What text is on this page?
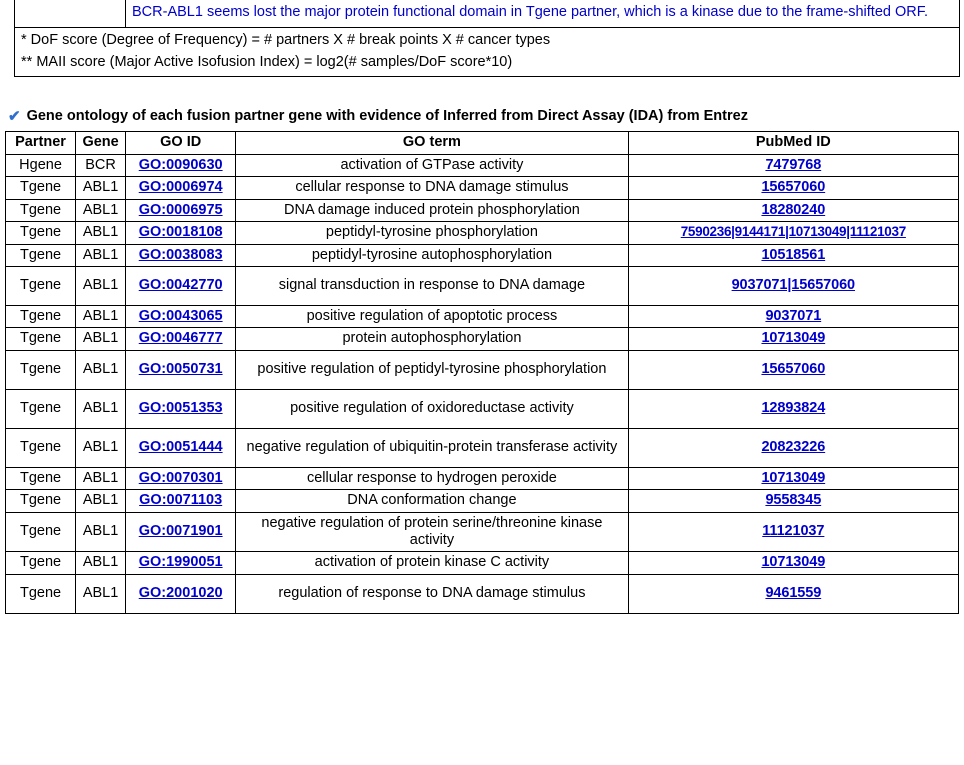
BCR-ABL1 seems lost the major protein functional domain in Tgene partner, which is a kinase due to the frame-shifted ORF.
* DoF score (Degree of Frequency) = # partners X # break points X # cancer types
** MAII score (Major Active Isofusion Index) = log2(# samples/DoF score*10)
✔ Gene ontology of each fusion partner gene with evidence of Inferred from Direct Assay (IDA) from Entrez
Partner	Gene	GO ID	GO term	PubMed ID
Hgene	BCR	GO:0090630	activation of GTPase activity	7479768
Tgene	ABL1	GO:0006974	cellular response to DNA damage stimulus	15657060
Tgene	ABL1	GO:0006975	DNA damage induced protein phosphorylation	18280240
Tgene	ABL1	GO:0018108	peptidyl-tyrosine phosphorylation	7590236|9144171|10713049|11121037
Tgene	ABL1	GO:0038083	peptidyl-tyrosine autophosphorylation	10518561
Tgene	ABL1	GO:0042770	signal transduction in response to DNA damage	9037071|15657060
Tgene	ABL1	GO:0043065	positive regulation of apoptotic process	9037071
Tgene	ABL1	GO:0046777	protein autophosphorylation	10713049
Tgene	ABL1	GO:0050731	positive regulation of peptidyl-tyrosine phosphorylation	15657060
Tgene	ABL1	GO:0051353	positive regulation of oxidoreductase activity	12893824
Tgene	ABL1	GO:0051444	negative regulation of ubiquitin-protein transferase activity	20823226
Tgene	ABL1	GO:0070301	cellular response to hydrogen peroxide	10713049
Tgene	ABL1	GO:0071103	DNA conformation change	9558345
Tgene	ABL1	GO:0071901	negative regulation of protein serine/threonine kinase activity	11121037
Tgene	ABL1	GO:1990051	activation of protein kinase C activity	10713049
Tgene	ABL1	GO:2001020	regulation of response to DNA damage stimulus	9461559
